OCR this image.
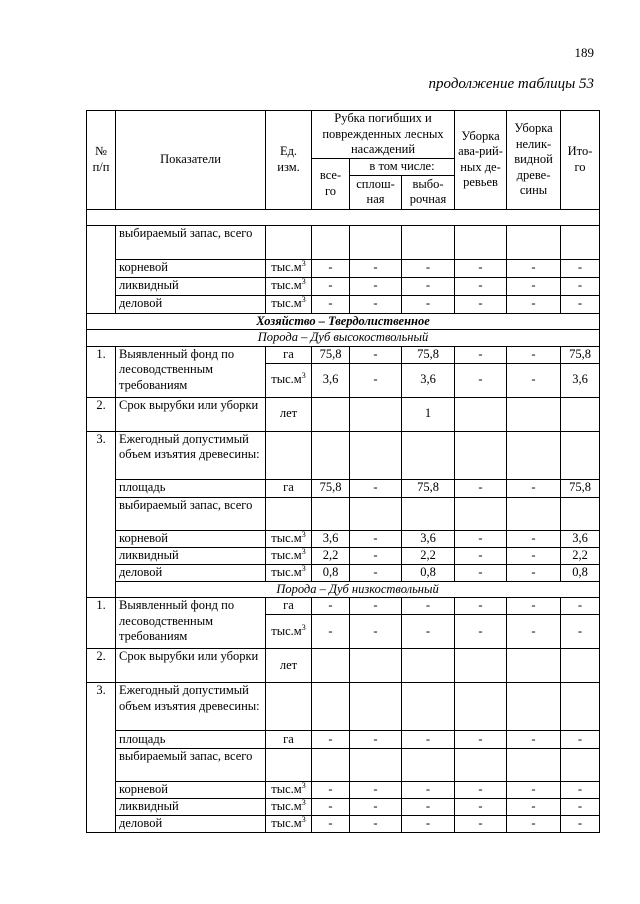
189
продолжение таблицы 53
№ п/п	Показатели	Ед. изм.	Рубка погибших и поврежденных лесных насаждений			Уборка ава-рий-ных де-ревьев	Уборка нелик-видной древе-сины	Ито-го
			все-го	в том числе:				
				сплош-ная	выбо-рочная			

	выбираемый запас, всего							
	корневой	$тыс.м^3$	-	-	-	-	-	-
	ликвидный	$тыс.м^3$	-	-	-	-	-	-
	деловой	$тыс.м^3$	-	-	-	-	-	-
Хозяйство – Твердолиственное								
Порода – Дуб высокоствольный								
1.	Выявленный фонд по лесоводственным требованиям	га	75,8	-	75,8	-	-	75,8
		$тыс.м^3$	3,6	-	3,6	-	-	3,6
2.	Срок вырубки или уборки	лет			1			
3.	Ежегодный допустимый объем изъятия древесины:							
	площадь	га	75,8	-	75,8	-	-	75,8
	выбираемый запас, всего							
	корневой	$тыс.м^3$	3,6	-	3,6	-	-	3,6
	ликвидный	$тыс.м^3$	2,2	-	2,2	-	-	2,2
	деловой	$тыс.м^3$	0,8	-	0,8	-	-	0,8
	Порода – Дуб низкоствольный							
1.	Выявленный фонд по лесоводственным требованиям	га	-	-	-	-	-	-
		$тыс.м^3$	-	-	-	-	-	-
2.	Срок вырубки или уборки	лет						
3.	Ежегодный допустимый объем изъятия древесины:							
	площадь	га	-	-	-	-	-	-
	выбираемый запас, всего							
	корневой	$тыс.м^3$	-	-	-	-	-	-
	ликвидный	$тыс.м^3$	-	-	-	-	-	-
	деловой	$тыс.м^3$	-	-	-	-	-	-
